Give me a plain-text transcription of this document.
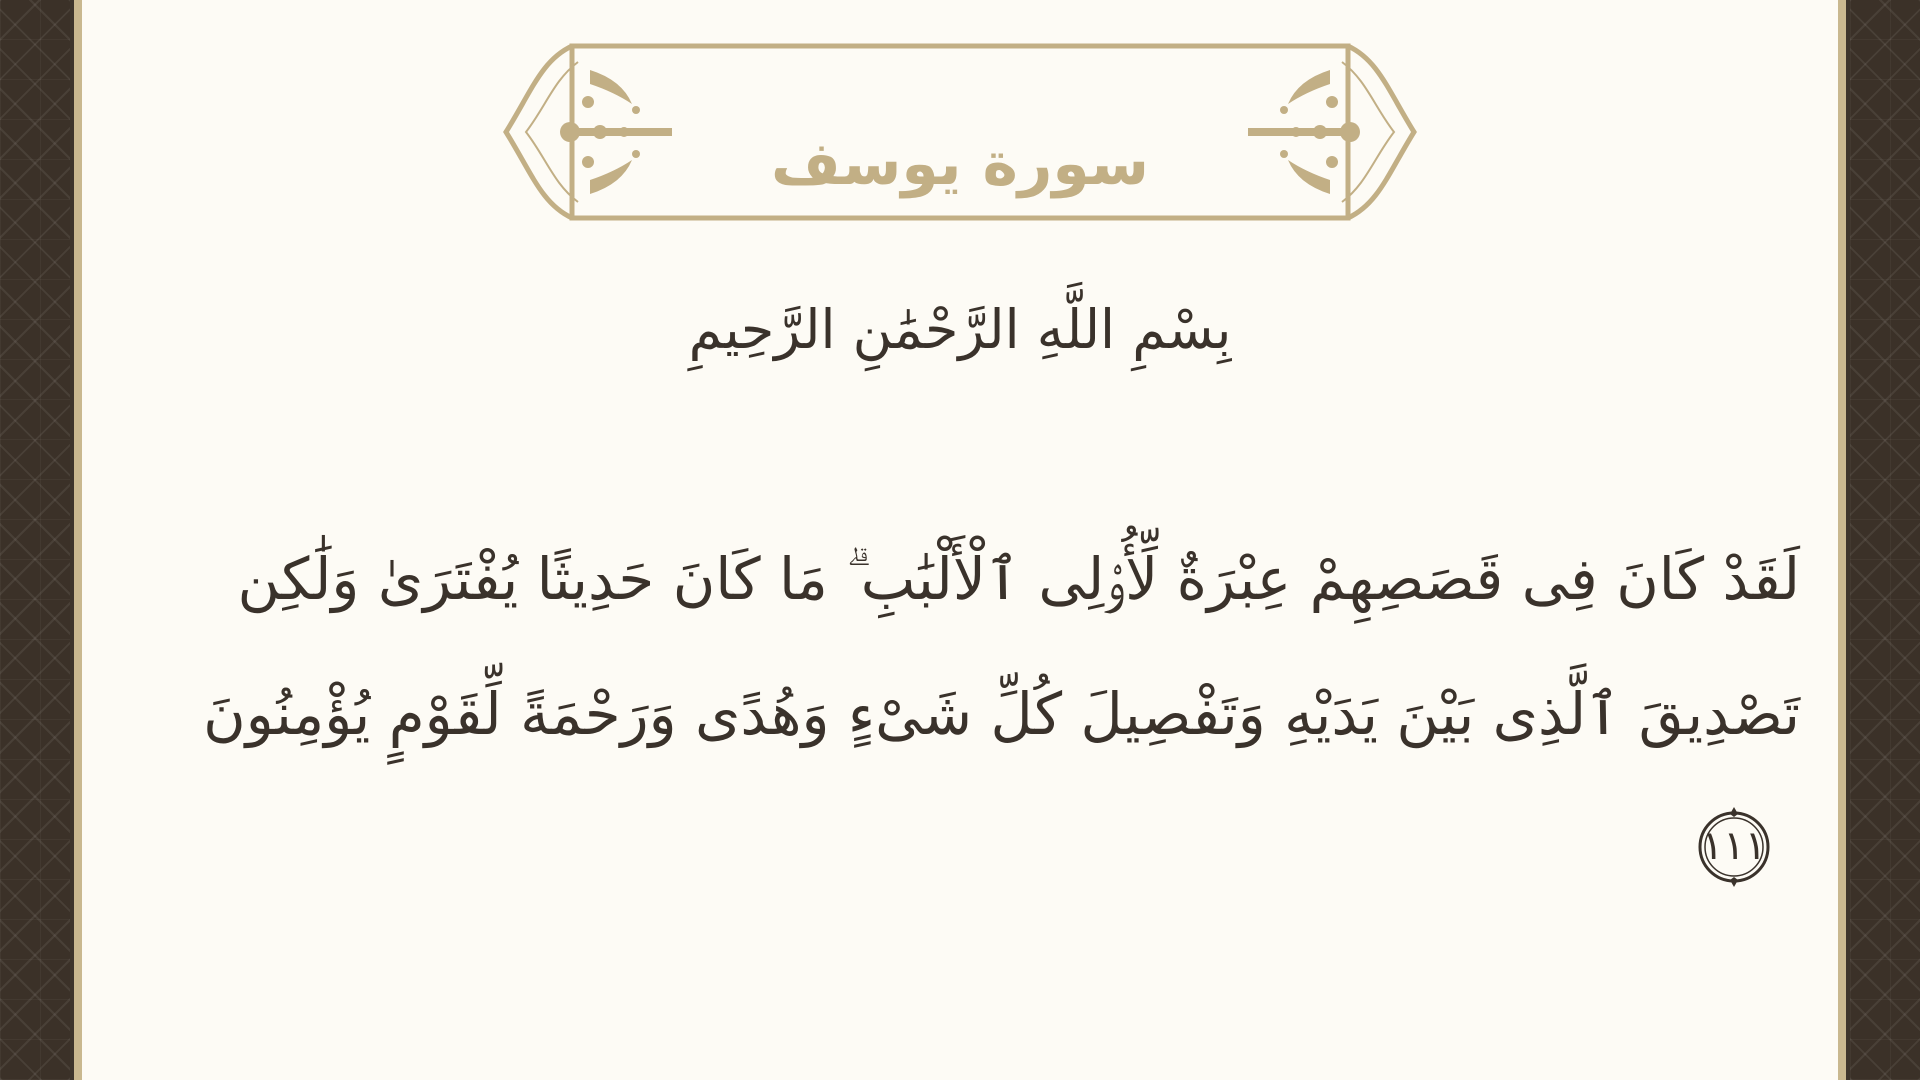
سورة يوسف
بِسْمِ اللَّهِ الرَّحْمَٰنِ الرَّحِيمِ
لَقَدْ كَانَ فِى قَصَصِهِمْ عِبْرَةٌ لِّأُو۟لِى ٱلْأَلْبَٰبِ ۗ مَا كَانَ حَدِيثًا يُفْتَرَىٰ وَلَٰكِن تَصْدِيقَ ٱلَّذِى بَيْنَ يَدَيْهِ وَتَفْصِيلَ كُلِّ شَىْءٍ وَهُدًى وَرَحْمَةً لِّقَوْمٍ يُؤْمِنُونَ
١١١
